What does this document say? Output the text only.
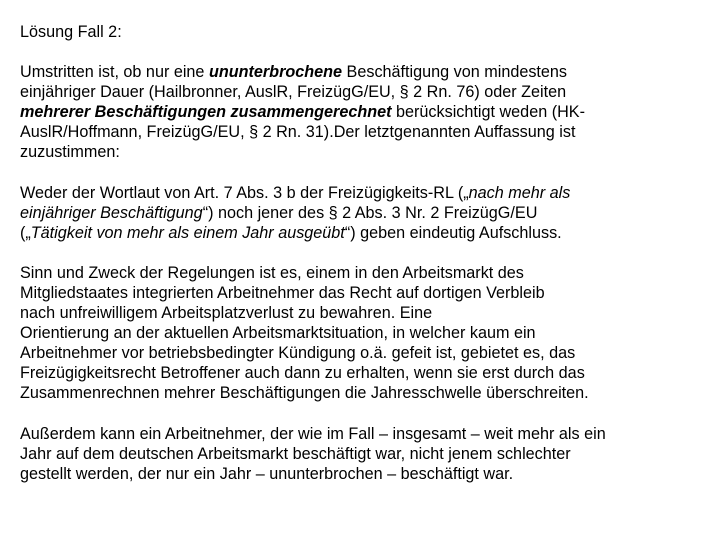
Lösung Fall 2:
Umstritten ist, ob nur eine ununterbrochene Beschäftigung von mindestens
einjähriger Dauer (Hailbronner, AuslR, FreizügG/EU, § 2 Rn. 76) oder Zeiten
mehrerer Beschäftigungen zusammengerechnet berücksichtigt weden (HK-
AuslR/Hoffmann, FreizügG/EU, § 2 Rn. 31).Der letztgenannten Auffassung ist
zuzustimmen:
Weder der Wortlaut von Art. 7 Abs. 3 b der Freizügigkeits-RL („nach mehr als
einjähriger Beschäftigung“) noch jener des § 2 Abs. 3 Nr. 2 FreizügG/EU
(„Tätigkeit von mehr als einem Jahr ausgeübt“) geben eindeutig Aufschluss.
Sinn und Zweck der Regelungen ist es, einem in den Arbeitsmarkt des
Mitgliedstaates integrierten Arbeitnehmer das Recht auf dortigen Verbleib
nach unfreiwilligem Arbeitsplatzverlust zu bewahren. Eine
Orientierung an der aktuellen Arbeitsmarktsituation, in welcher kaum ein
Arbeitnehmer vor betriebsbedingter Kündigung o.ä. gefeit ist, gebietet es, das
Freizügigkeitsrecht Betroffener auch dann zu erhalten, wenn sie erst durch das
Zusammenrechnen mehrer Beschäftigungen die Jahresschwelle überschreiten.
Außerdem kann ein Arbeitnehmer, der wie im Fall – insgesamt – weit mehr als ein
Jahr auf dem deutschen Arbeitsmarkt beschäftigt war, nicht jenem schlechter
gestellt werden, der nur ein Jahr – ununterbrochen – beschäftigt war.
